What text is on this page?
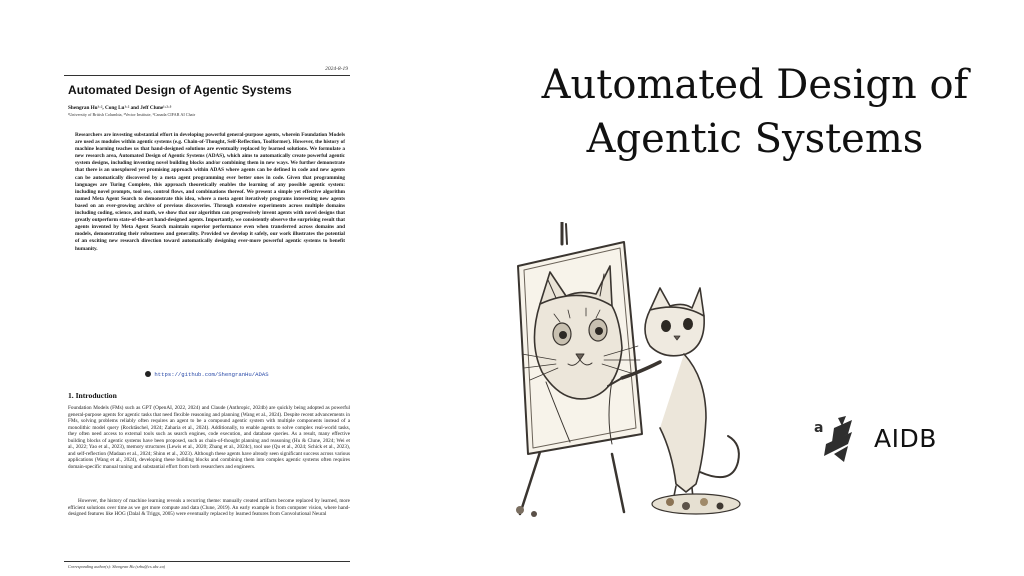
2024-8-19
Automated Design of Agentic Systems
Shengran Hu¹·², Cong Lu¹·² and Jeff Clune¹·²·³
¹University of British Columbia, ²Vector Institute, ³Canada CIFAR AI Chair
Researchers are investing substantial effort in developing powerful general-purpose agents, wherein Foundation Models are used as modules within agentic systems (e.g. Chain-of-Thought, Self-Reflection, Toolformer). However, the history of machine learning teaches us that hand-designed solutions are eventually replaced by learned solutions. We formulate a new research area, Automated Design of Agentic Systems (ADAS), which aims to automatically create powerful agentic system designs, including inventing novel building blocks and/or combining them in new ways. We further demonstrate that there is an unexplored yet promising approach within ADAS where agents can be defined in code and new agents can be automatically discovered by a meta agent programming ever better ones in code. Given that programming languages are Turing Complete, this approach theoretically enables the learning of any possible agentic system: including novel prompts, tool use, control flows, and combinations thereof. We present a simple yet effective algorithm named Meta Agent Search to demonstrate this idea, where a meta agent iteratively programs interesting new agents based on an ever-growing archive of previous discoveries. Through extensive experiments across multiple domains including coding, science, and math, we show that our algorithm can progressively invent agents with novel designs that greatly outperform state-of-the-art hand-designed agents. Importantly, we consistently observe the surprising result that agents invented by Meta Agent Search maintain superior performance even when transferred across domains and models, demonstrating their robustness and generality. Provided we develop it safely, our work illustrates the potential of an exciting new research direction toward automatically designing ever-more powerful agentic systems to benefit humanity.
https://github.com/ShengranHu/ADAS
1. Introduction
Foundation Models (FMs) such as GPT (OpenAI, 2022, 2024) and Claude (Anthropic, 2024b) are quickly being adopted as powerful general-purpose agents for agentic tasks that need flexible reasoning and planning (Wang et al., 2024). Despite recent advancements in FMs, solving problems reliably often requires an agent to be a compound agentic system with multiple components instead of a monolithic model query (Rocktäschel, 2024; Zaharia et al., 2024). Additionally, to enable agents to solve complex real-world tasks, they often need access to external tools such as search engines, code execution, and database queries. As a result, many effective building blocks of agentic systems have been proposed, such as chain-of-thought planning and reasoning (Hu & Clune, 2024; Wei et al., 2022; Yao et al., 2023), memory structures (Lewis et al., 2020; Zhang et al., 2024c), tool use (Qu et al., 2024; Schick et al., 2023), and self-reflection (Madaan et al., 2024; Shinn et al., 2023). Although these agents have already seen significant success across various applications (Wang et al., 2024), developing these building blocks and combining them into complex agentic systems often requires domain-specific manual tuning and substantial effort from both researchers and engineers.
However, the history of machine learning reveals a recurring theme: manually created artifacts become replaced by learned, more efficient solutions over time as we get more compute and data (Clune, 2019). An early example is from computer vision, where hand-designed features like HOG (Dalal & Triggs, 2005) were eventually replaced by learned features from Convolutional Neural
Corresponding author(s): Shengran Hu (srhu@cs.ubc.ca)
Automated Design of
Agentic Systems
a AIDB
